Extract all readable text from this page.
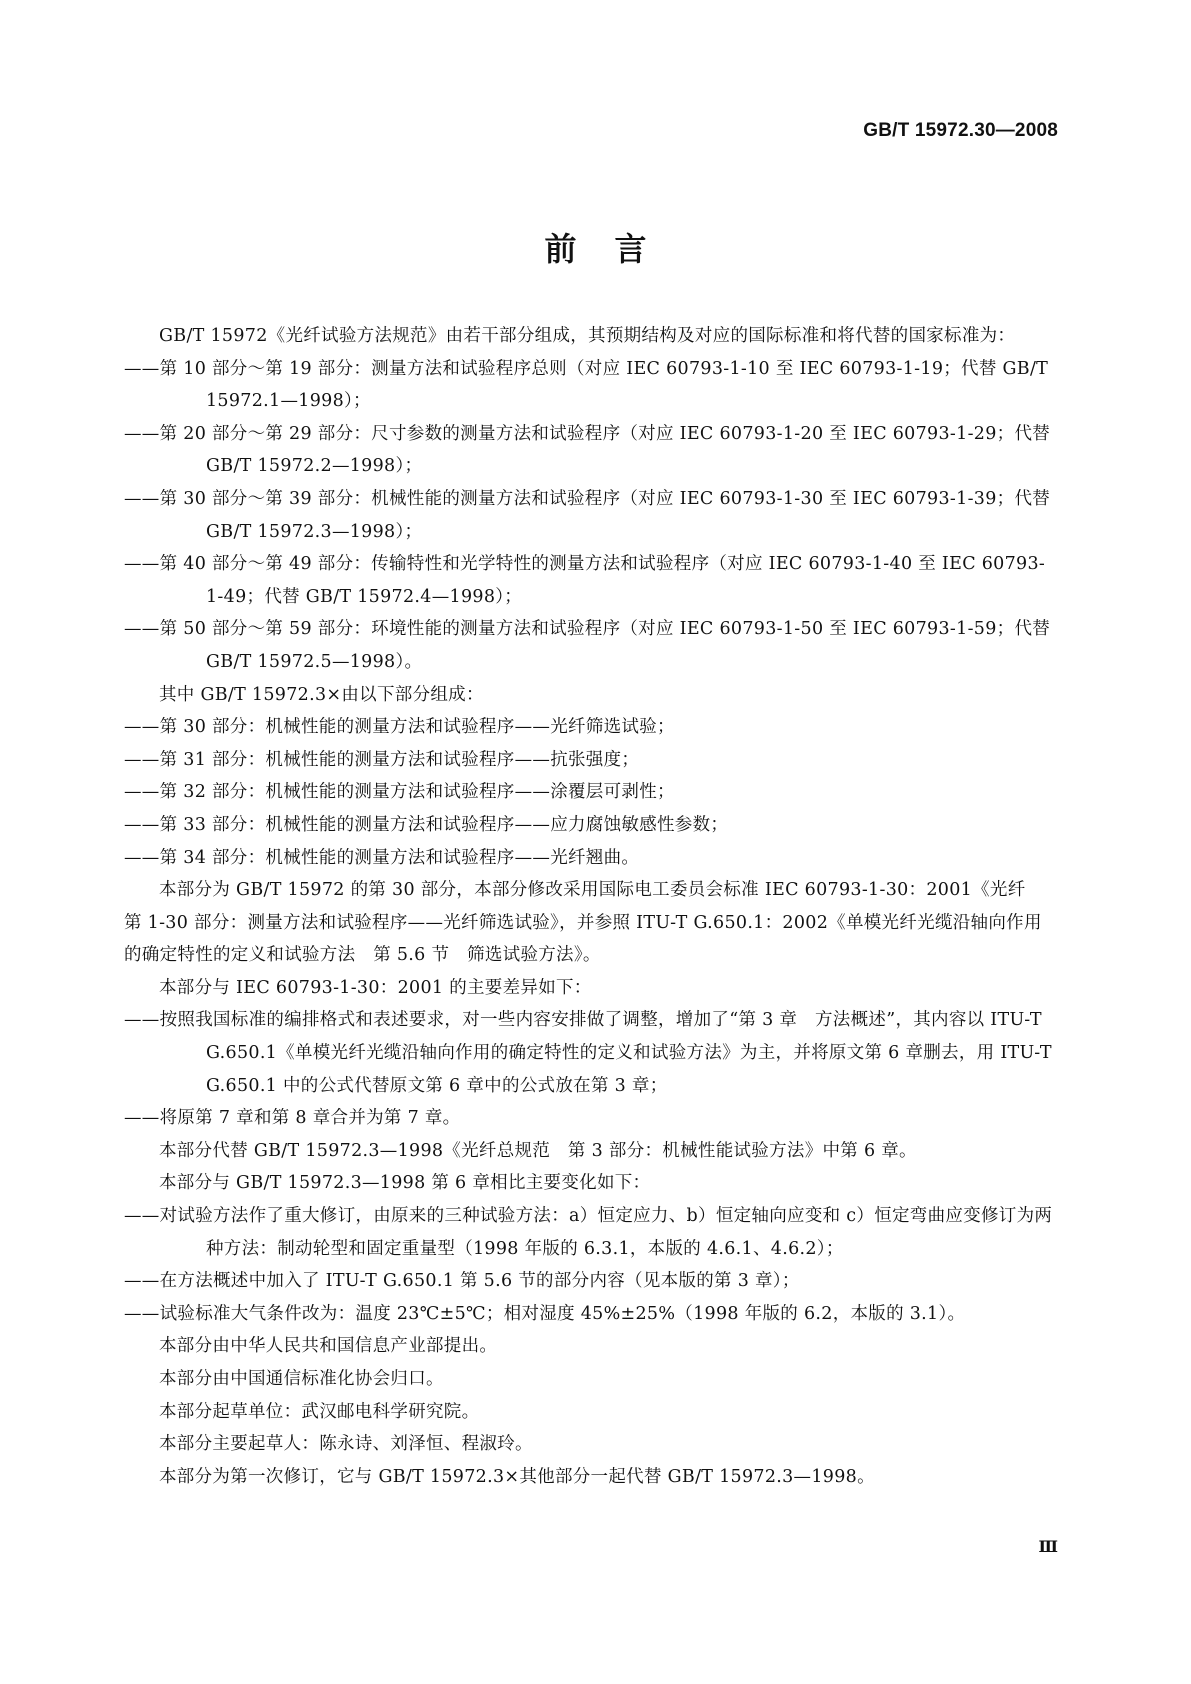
GB/T 15972.30—2008
前言

GB/T 15972《光纤试验方法规范》由若干部分组成，其预期结构及对应的国际标准和将代替的国家标准为：

——第 10 部分～第 19 部分：测量方法和试验程序总则（对应 IEC 60793-1-10 至 IEC 60793-1-19；代替 GB/T 15972.1—1998）；

——第 20 部分～第 29 部分：尺寸参数的测量方法和试验程序（对应 IEC 60793-1-20 至 IEC 60793-1-29；代替 GB/T 15972.2—1998）；

——第 30 部分～第 39 部分：机械性能的测量方法和试验程序（对应 IEC 60793-1-30 至 IEC 60793-1-39；代替 GB/T 15972.3—1998）；

——第 40 部分～第 49 部分：传输特性和光学特性的测量方法和试验程序（对应 IEC 60793-1-40 至 IEC 60793-1-49；代替 GB/T 15972.4—1998）；

——第 50 部分～第 59 部分：环境性能的测量方法和试验程序（对应 IEC 60793-1-50 至 IEC 60793-1-59；代替 GB/T 15972.5—1998）。

其中 GB/T 15972.3×由以下部分组成：

——第 30 部分：机械性能的测量方法和试验程序——光纤筛选试验；

——第 31 部分：机械性能的测量方法和试验程序——抗张强度；

——第 32 部分：机械性能的测量方法和试验程序——涂覆层可剥性；

——第 33 部分：机械性能的测量方法和试验程序——应力腐蚀敏感性参数；

——第 34 部分：机械性能的测量方法和试验程序——光纤翘曲。

本部分为 GB/T 15972 的第 30 部分，本部分修改采用国际电工委员会标准 IEC 60793-1-30：2001《光纤　第 1-30 部分：测量方法和试验程序——光纤筛选试验》，并参照 ITU-T G.650.1：2002《单模光纤光缆沿轴向作用的确定特性的定义和试验方法　第 5.6 节　筛选试验方法》。

本部分与 IEC 60793-1-30：2001 的主要差异如下：

——按照我国标准的编排格式和表述要求，对一些内容安排做了调整，增加了“第 3 章　方法概述”，其内容以 ITU-T G.650.1《单模光纤光缆沿轴向作用的确定特性的定义和试验方法》为主，并将原文第 6 章删去，用 ITU-T G.650.1 中的公式代替原文第 6 章中的公式放在第 3 章；

——将原第 7 章和第 8 章合并为第 7 章。

本部分代替 GB/T 15972.3—1998《光纤总规范　第 3 部分：机械性能试验方法》中第 6 章。

本部分与 GB/T 15972.3—1998 第 6 章相比主要变化如下：

——对试验方法作了重大修订，由原来的三种试验方法：a）恒定应力、b）恒定轴向应变和 c）恒定弯曲应变修订为两种方法：制动轮型和固定重量型（1998 年版的 6.3.1，本版的 4.6.1、4.6.2）；

——在方法概述中加入了 ITU-T G.650.1 第 5.6 节的部分内容（见本版的第 3 章）；

——试验标准大气条件改为：温度 23℃±5℃；相对湿度 45%±25%（1998 年版的 6.2，本版的 3.1）。

本部分由中华人民共和国信息产业部提出。

本部分由中国通信标准化协会归口。

本部分起草单位：武汉邮电科学研究院。

本部分主要起草人：陈永诗、刘泽恒、程淑玲。

本部分为第一次修订，它与 GB/T 15972.3×其他部分一起代替 GB/T 15972.3—1998。

Ⅲ
